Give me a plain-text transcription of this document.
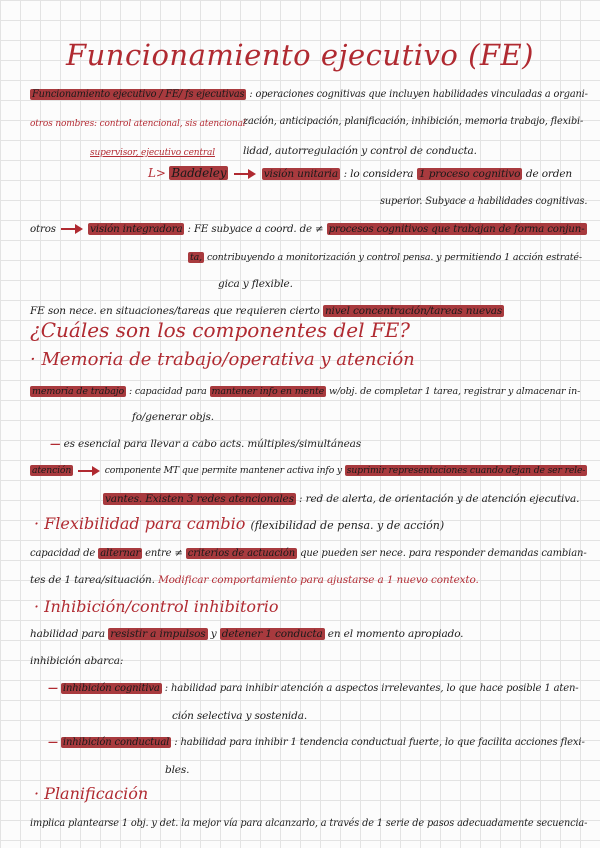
Funcionamiento ejecutivo (FE)
Funcionamiento ejecutivo / FE/ fs ejecutivas : operaciones cognitivas que incluyen habilidades vinculadas a organi-
otros nombres: control atencional, sis atencional
zación, anticipación, planificación, inhibición, memoria trabajo, flexibi-
supervisor, ejecutivo central	lidad, autorregulación y control de conducta.
L> Baddeley	visión unitaria : lo considera 1 proceso cognitivo de orden
superior. Subyace a habilidades cognitivas.
otros	visión integradora : FE subyace a coord. de ≠ procesos cognitivos que trabajan de forma conjun-
ta, contribuyendo a monitorización y control pensa. y permitiendo 1 acción estraté-
gica y flexible.
FE son nece. en situaciones/tareas que requieren cierto nivel concentración/tareas nuevas
¿Cuáles son los componentes del FE?
· Memoria de trabajo/operativa y atención
memoria de trabajo : capacidad para mantener info en mente w/obj. de completar 1 tarea, registrar y almacenar in-
fo/generar objs.
— es esencial para llevar a cabo acts. múltiples/simultáneas
atención	componente MT que permite mantener activa info y suprimir representaciones cuando dejan de ser rele-
vantes. Existen 3 redes atencionales : red de alerta, de orientación y de atención ejecutiva.
· Flexibilidad para cambio (flexibilidad de pensa. y de acción)
capacidad de alternar entre ≠ criterios de actuación que pueden ser nece. para responder demandas cambian-
tes de 1 tarea/situación. Modificar comportamiento para ajustarse a 1 nuevo contexto.
· Inhibición/control inhibitorio
habilidad para resistir a impulsos y detener 1 conducta en el momento apropiado.
inhibición abarca:
— inhibición cognitiva : habilidad para inhibir atención a aspectos irrelevantes, lo que hace posible 1 aten-
ción selectiva y sostenida.
— inhibición conductual : habilidad para inhibir 1 tendencia conductual fuerte, lo que facilita acciones flexi-
bles.
· Planificación
implica plantearse 1 obj. y det. la mejor vía para alcanzarlo, a través de 1 serie de pasos adecuadamente secuencia-
